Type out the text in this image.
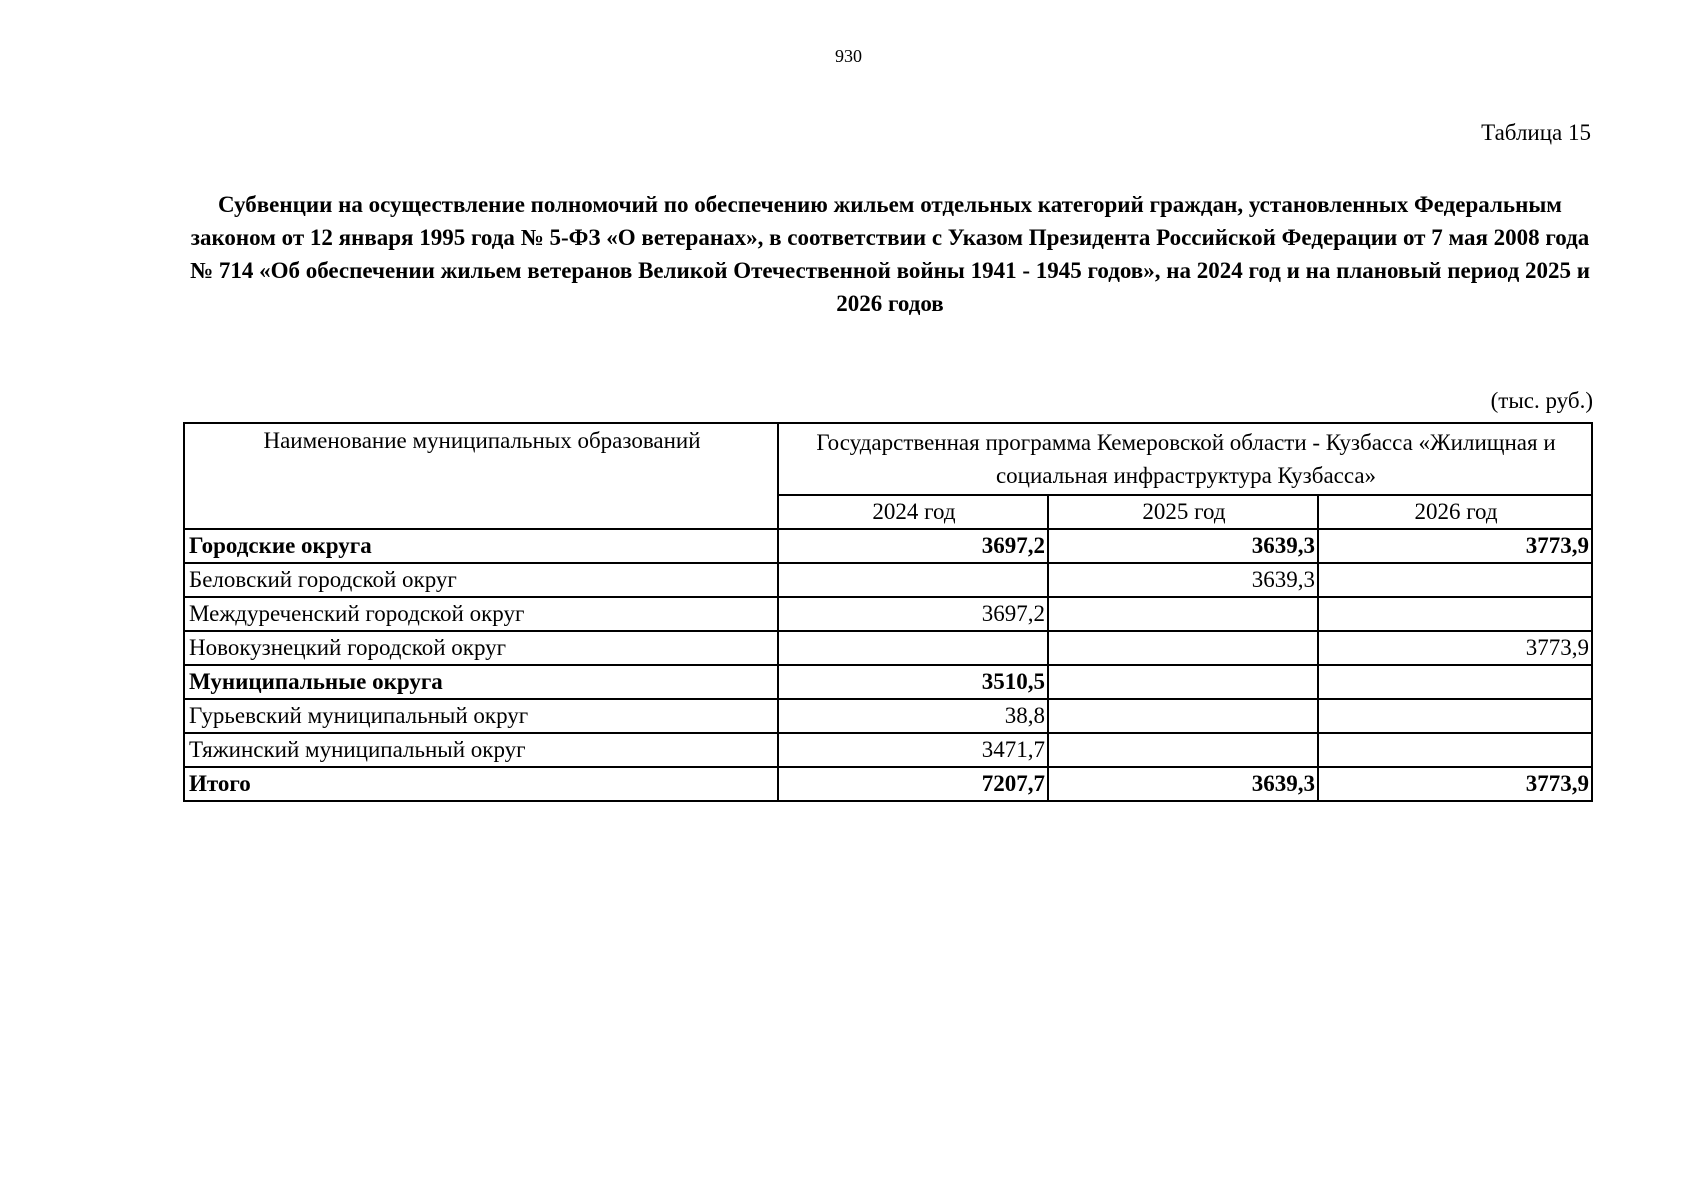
930
Таблица 15
Субвенции на осуществление полномочий по обеспечению жильем отдельных категорий граждан, установленных Федеральным законом от 12 января 1995 года № 5-ФЗ «О ветеранах», в соответствии с Указом Президента Российской Федерации от 7 мая 2008 года № 714 «Об обеспечении жильем ветеранов Великой Отечественной войны 1941 - 1945 годов», на 2024 год и на плановый период 2025 и 2026 годов
(тыс. руб.)
Наименование муниципальных образований	Государственная программа Кемеровской области - Кузбасса «Жилищная и социальная инфраструктура Кузбасса»		
	2024 год	2025 год	2026 год
Городские округа	3697,2	3639,3	3773,9
Беловский городской округ		3639,3	
Междуреченский городской округ	3697,2		
Новокузнецкий городской округ			3773,9
Муниципальные округа	3510,5		
Гурьевский муниципальный округ	38,8		
Тяжинский муниципальный округ	3471,7		
Итого	7207,7	3639,3	3773,9
